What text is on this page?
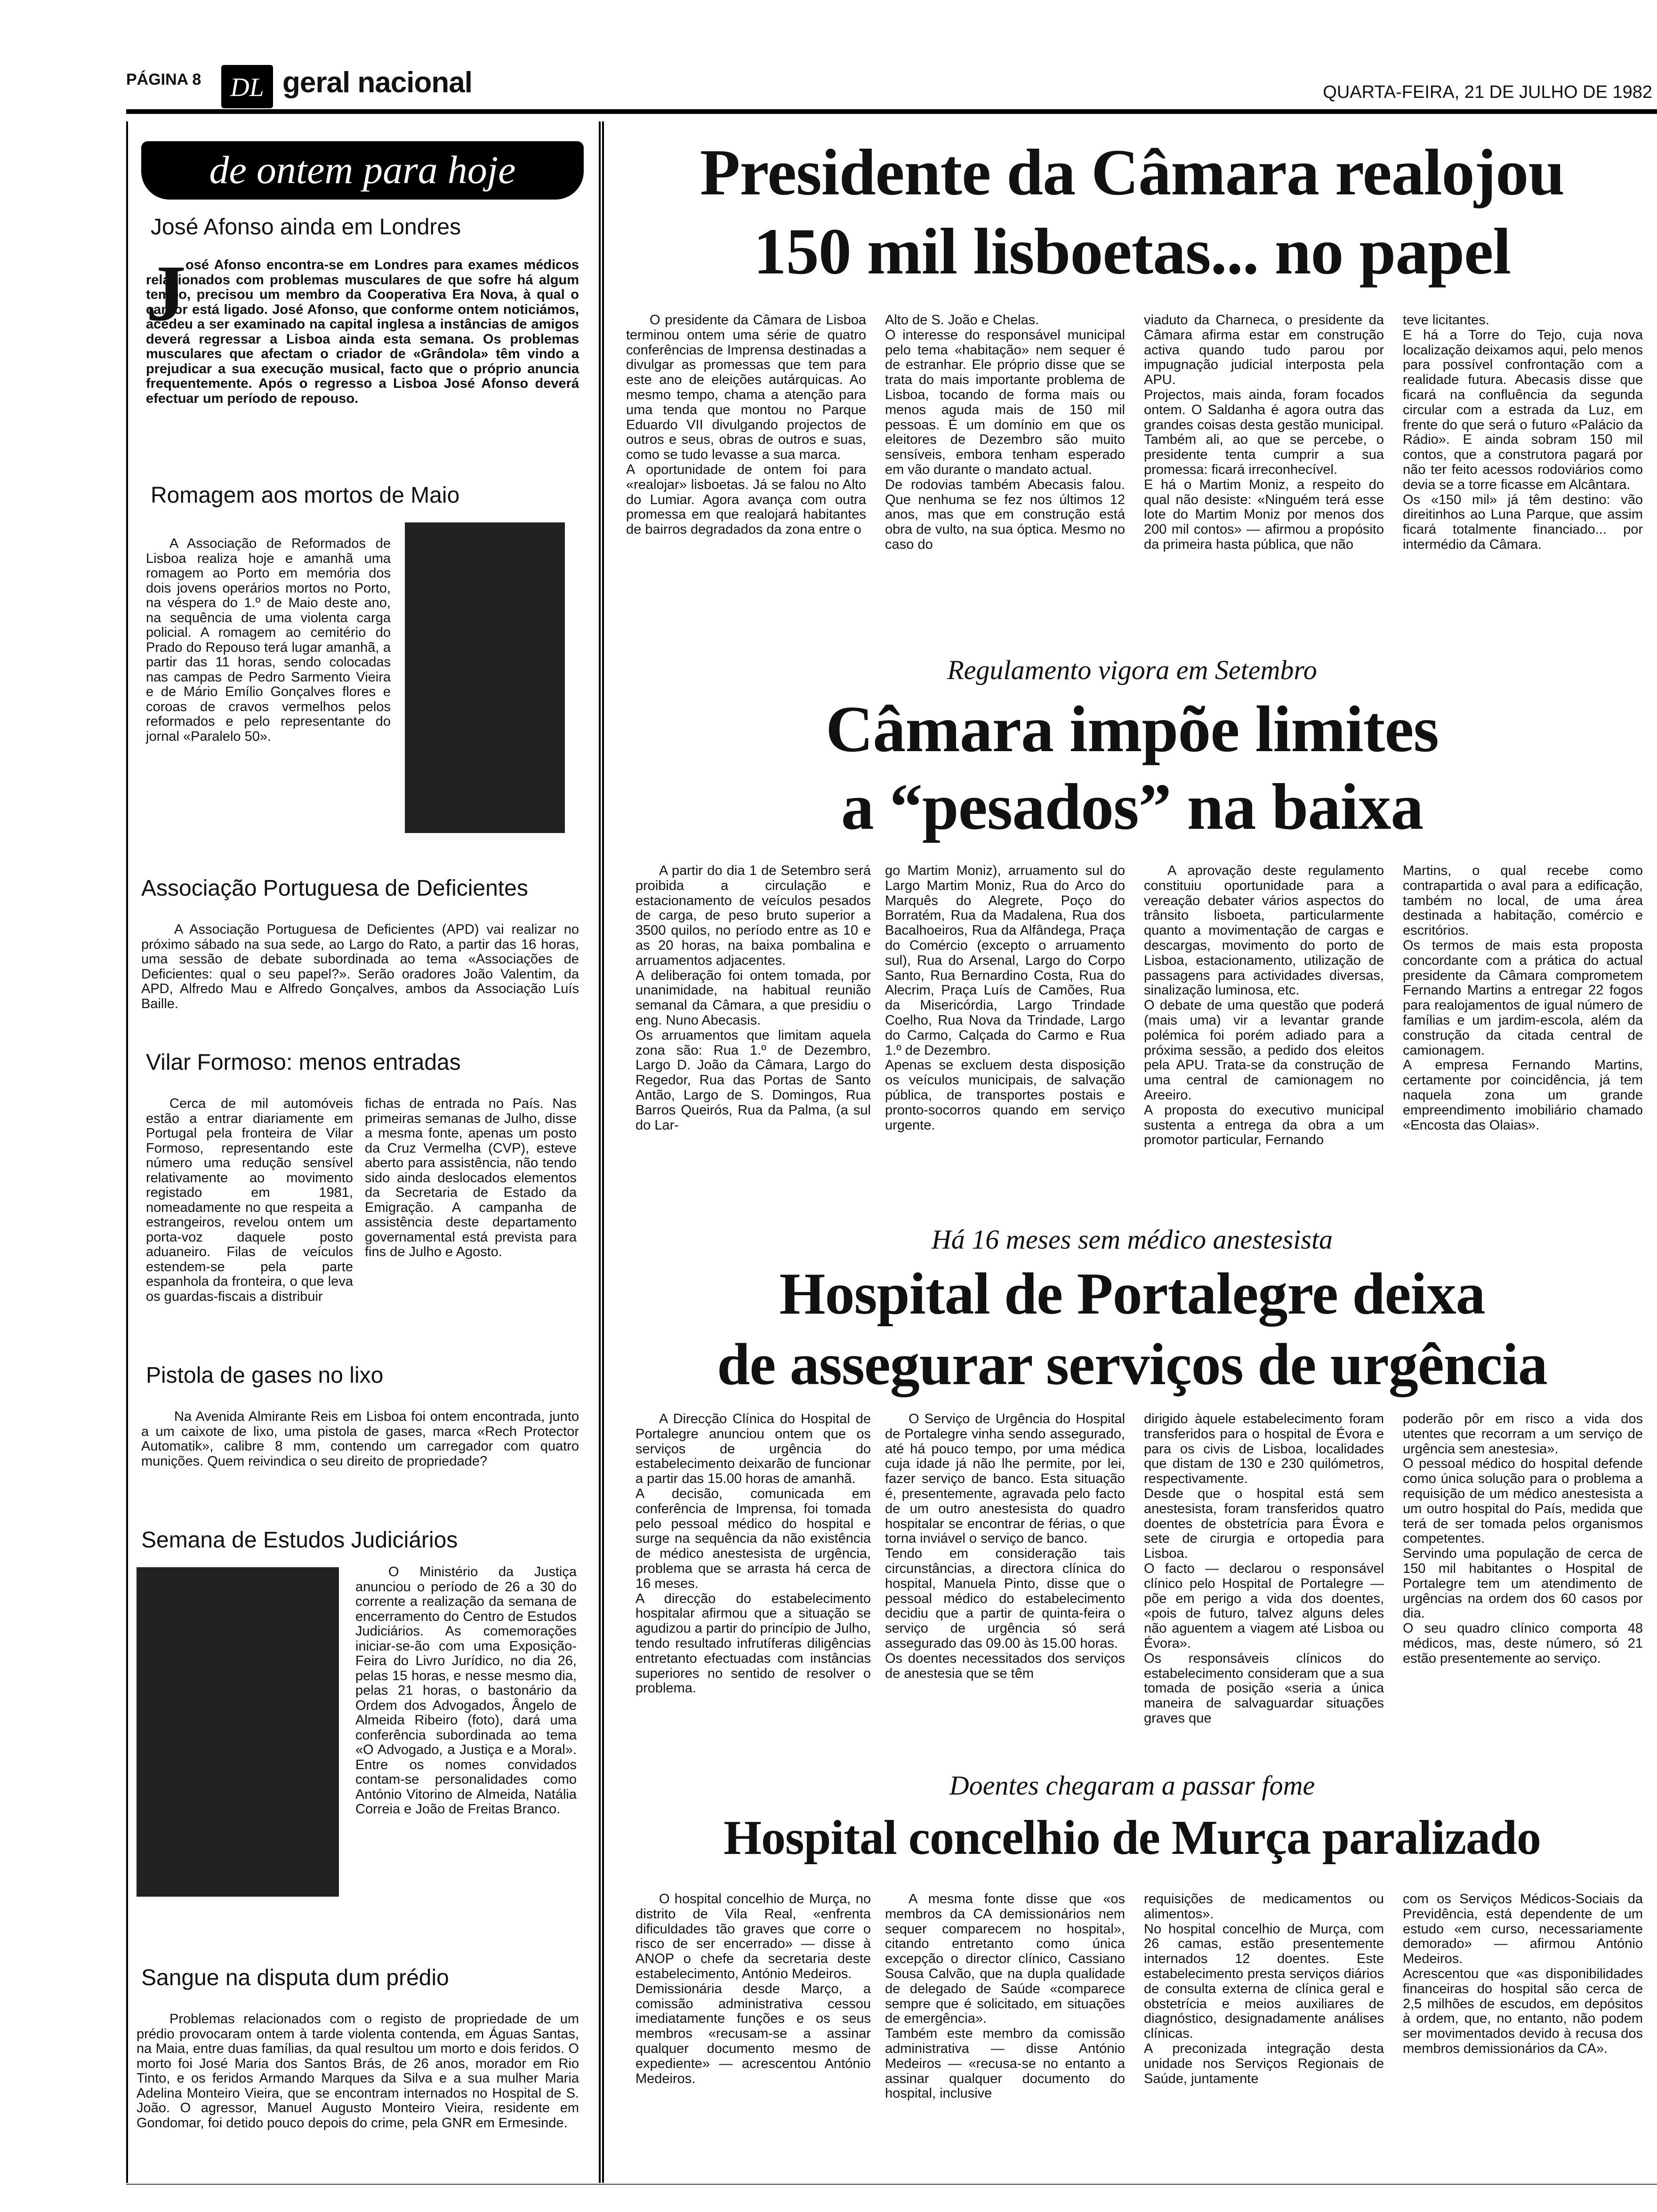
PÁGINA 8	DL geral nacional	QUARTA-FEIRA, 21 DE JULHO DE 1982
de ontem para hoje
José Afonso ainda em Londres
J osé Afonso encontra-se em Londres para exames médicos relacionados com problemas musculares de que sofre há algum tempo, precisou um membro da Cooperativa Era Nova, à qual o cantor está ligado. José Afonso, que conforme ontem noticiámos, acedeu a ser examinado na capital inglesa a instâncias de amigos deverá regressar a Lisboa ainda esta semana. Os problemas musculares que afectam o criador de «Grândola» têm vindo a prejudicar a sua execução musical, facto que o próprio anuncia frequentemente. Após o regresso a Lisboa José Afonso deverá efectuar um período de repouso.
Romagem aos mortos de Maio
A Associação de Reformados de Lisboa realiza hoje e amanhã uma romagem ao Porto em memória dos dois jovens operários mortos no Porto, na véspera do 1.º de Maio deste ano, na sequência de uma violenta carga policial. A romagem ao cemitério do Prado do Repouso terá lugar amanhã, a partir das 11 horas, sendo colocadas nas campas de Pedro Sarmento Vieira e de Mário Emílio Gonçalves flores e coroas de cravos vermelhos pelos reformados e pelo representante do jornal «Paralelo 50».
Associação Portuguesa de Deficientes
A Associação Portuguesa de Deficientes (APD) vai realizar no próximo sábado na sua sede, ao Largo do Rato, a partir das 16 horas, uma sessão de debate subordinada ao tema «Associações de Deficientes: qual o seu papel?». Serão oradores João Valentim, da APD, Alfredo Mau e Alfredo Gonçalves, ambos da Associação Luís Baille.
Vilar Formoso: menos entradas
Cerca de mil automóveis estão a entrar diariamente em Portugal pela fronteira de Vilar Formoso, representando este número uma redução sensível relativamente ao movimento registado em 1981, nomeadamente no que respeita a estrangeiros, revelou ontem um porta-voz daquele posto aduaneiro. Filas de veículos estendem-se pela parte espanhola da fronteira, o que leva os guardas-fiscais a distribuir
fichas de entrada no País. Nas primeiras semanas de Julho, disse a mesma fonte, apenas um posto da Cruz Vermelha (CVP), esteve aberto para assistência, não tendo sido ainda deslocados elementos da Secretaria de Estado da Emigração. A campanha de assistência deste departamento governamental está prevista para fins de Julho e Agosto.
Pistola de gases no lixo
Na Avenida Almirante Reis em Lisboa foi ontem encontrada, junto a um caixote de lixo, uma pistola de gases, marca «Rech Protector Automatik», calibre 8 mm, contendo um carregador com quatro munições. Quem reivindica o seu direito de propriedade?
Semana de Estudos Judiciários
O Ministério da Justiça anunciou o período de 26 a 30 do corrente a realização da semana de encerramento do Centro de Estudos Judiciários. As comemorações iniciar-se-ão com uma Exposição-Feira do Livro Jurídico, no dia 26, pelas 15 horas, e nesse mesmo dia, pelas 21 horas, o bastonário da Ordem dos Advogados, Ângelo de Almeida Ribeiro (foto), dará uma conferência subordinada ao tema «O Advogado, a Justiça e a Moral». Entre os nomes convidados contam-se personalidades como António Vitorino de Almeida, Natália Correia e João de Freitas Branco.
Sangue na disputa dum prédio
Problemas relacionados com o registo de propriedade de um prédio provocaram ontem à tarde violenta contenda, em Águas Santas, na Maia, entre duas famílias, da qual resultou um morto e dois feridos. O morto foi José Maria dos Santos Brás, de 26 anos, morador em Rio Tinto, e os feridos Armando Marques da Silva e a sua mulher Maria Adelina Monteiro Vieira, que se encontram internados no Hospital de S. João. O agressor, Manuel Augusto Monteiro Vieira, residente em Gondomar, foi detido pouco depois do crime, pela GNR em Ermesinde.
Presidente da Câmara realojou
150 mil lisboetas... no papel
O presidente da Câmara de Lisboa terminou ontem uma série de quatro conferências de Imprensa destinadas a divulgar as promessas que tem para este ano de eleições autárquicas. Ao mesmo tempo, chama a atenção para uma tenda que montou no Parque Eduardo VII divulgando projectos de outros e seus, obras de outros e suas, como se tudo levasse a sua marca.
A oportunidade de ontem foi para «realojar» lisboetas. Já se falou no Alto do Lumiar. Agora avança com outra promessa em que realojará habitantes de bairros degradados da zona entre o
Alto de S. João e Chelas.
O interesse do responsável municipal pelo tema «habitação» nem sequer é de estranhar. Ele próprio disse que se trata do mais importante problema de Lisboa, tocando de forma mais ou menos aguda mais de 150 mil pessoas. É um domínio em que os eleitores de Dezembro são muito sensíveis, embora tenham esperado em vão durante o mandato actual.
De rodovias também Abecasis falou. Que nenhuma se fez nos últimos 12 anos, mas que em construção está obra de vulto, na sua óptica. Mesmo no caso do
viaduto da Charneca, o presidente da Câmara afirma estar em construção activa quando tudo parou por impugnação judicial interposta pela APU.
Projectos, mais ainda, foram focados ontem. O Saldanha é agora outra das grandes coisas desta gestão municipal. Também ali, ao que se percebe, o presidente tenta cumprir a sua promessa: ficará irreconhecível.
E há o Martim Moniz, a respeito do qual não desiste: «Ninguém terá esse lote do Martim Moniz por menos dos 200 mil contos» — afirmou a propósito da primeira hasta pública, que não
teve licitantes.
E há a Torre do Tejo, cuja nova localização deixamos aqui, pelo menos para possível confrontação com a realidade futura. Abecasis disse que ficará na confluência da segunda circular com a estrada da Luz, em frente do que será o futuro «Palácio da Rádio». E ainda sobram 150 mil contos, que a construtora pagará por não ter feito acessos rodoviários como devia se a torre ficasse em Alcântara.
Os «150 mil» já têm destino: vão direitinhos ao Luna Parque, que assim ficará totalmente financiado... por intermédio da Câmara.
Regulamento vigora em Setembro
Câmara impõe limites
a “pesados” na baixa
A partir do dia 1 de Setembro será proibida a circulação e estacionamento de veículos pesados de carga, de peso bruto superior a 3500 quilos, no período entre as 10 e as 20 horas, na baixa pombalina e arruamentos adjacentes.
A deliberação foi ontem tomada, por unanimidade, na habitual reunião semanal da Câmara, a que presidiu o eng. Nuno Abecasis.
Os arruamentos que limitam aquela zona são: Rua 1.º de Dezembro, Largo D. João da Câmara, Largo do Regedor, Rua das Portas de Santo Antão, Largo de S. Domingos, Rua Barros Queirós, Rua da Palma, (a sul do Lar-
go Martim Moniz), arruamento sul do Largo Martim Moniz, Rua do Arco do Marquês do Alegrete, Poço do Borratém, Rua da Madalena, Rua dos Bacalhoeiros, Rua da Alfândega, Praça do Comércio (excepto o arruamento sul), Rua do Arsenal, Largo do Corpo Santo, Rua Bernardino Costa, Rua do Alecrim, Praça Luís de Camões, Rua da Misericórdia, Largo Trindade Coelho, Rua Nova da Trindade, Largo do Carmo, Calçada do Carmo e Rua 1.º de Dezembro.
Apenas se excluem desta disposição os veículos municipais, de salvação pública, de transportes postais e pronto-socorros quando em serviço urgente.
A aprovação deste regulamento constituiu oportunidade para a vereação debater vários aspectos do trânsito lisboeta, particularmente quanto a movimentação de cargas e descargas, movimento do porto de Lisboa, estacionamento, utilização de passagens para actividades diversas, sinalização luminosa, etc.
O debate de uma questão que poderá (mais uma) vir a levantar grande polémica foi porém adiado para a próxima sessão, a pedido dos eleitos pela APU. Trata-se da construção de uma central de camionagem no Areeiro.
A proposta do executivo municipal sustenta a entrega da obra a um promotor particular, Fernando
Martins, o qual recebe como contrapartida o aval para a edificação, também no local, de uma área destinada a habitação, comércio e escritórios.
Os termos de mais esta proposta concordante com a prática do actual presidente da Câmara comprometem Fernando Martins a entregar 22 fogos para realojamentos de igual número de famílias e um jardim-escola, além da construção da citada central de camionagem.
A empresa Fernando Martins, certamente por coincidência, já tem naquela zona um grande empreendimento imobiliário chamado «Encosta das Olaias».
Há 16 meses sem médico anestesista
Hospital de Portalegre deixa
de assegurar serviços de urgência
A Direcção Clínica do Hospital de Portalegre anunciou ontem que os serviços de urgência do estabelecimento deixarão de funcionar a partir das 15.00 horas de amanhã.
A decisão, comunicada em conferência de Imprensa, foi tomada pelo pessoal médico do hospital e surge na sequência da não existência de médico anestesista de urgência, problema que se arrasta há cerca de 16 meses.
A direcção do estabelecimento hospitalar afirmou que a situação se agudizou a partir do princípio de Julho, tendo resultado infrutíferas diligências entretanto efectuadas com instâncias superiores no sentido de resolver o problema.
O Serviço de Urgência do Hospital de Portalegre vinha sendo assegurado, até há pouco tempo, por uma médica cuja idade já não lhe permite, por lei, fazer serviço de banco. Esta situação é, presentemente, agravada pelo facto de um outro anestesista do quadro hospitalar se encontrar de férias, o que torna inviável o serviço de banco.
Tendo em consideração tais circunstâncias, a directora clínica do hospital, Manuela Pinto, disse que o pessoal médico do estabelecimento decidiu que a partir de quinta-feira o serviço de urgência só será assegurado das 09.00 às 15.00 horas.
Os doentes necessitados dos serviços de anestesia que se têm
dirigido àquele estabelecimento foram transferidos para o hospital de Évora e para os civis de Lisboa, localidades que distam de 130 e 230 quilómetros, respectivamente.
Desde que o hospital está sem anestesista, foram transferidos quatro doentes de obstetrícia para Évora e sete de cirurgia e ortopedia para Lisboa.
O facto — declarou o responsável clínico pelo Hospital de Portalegre — põe em perigo a vida dos doentes, «pois de futuro, talvez alguns deles não aguentem a viagem até Lisboa ou Évora».
Os responsáveis clínicos do estabelecimento consideram que a sua tomada de posição «seria a única maneira de salvaguardar situações graves que
poderão pôr em risco a vida dos utentes que recorram a um serviço de urgência sem anestesia».
O pessoal médico do hospital defende como única solução para o problema a requisição de um médico anestesista a um outro hospital do País, medida que terá de ser tomada pelos organismos competentes.
Servindo uma população de cerca de 150 mil habitantes o Hospital de Portalegre tem um atendimento de urgências na ordem dos 60 casos por dia.
O seu quadro clínico comporta 48 médicos, mas, deste número, só 21 estão presentemente ao serviço.
Doentes chegaram a passar fome
Hospital concelhio de Murça paralizado
O hospital concelhio de Murça, no distrito de Vila Real, «enfrenta dificuldades tão graves que corre o risco de ser encerrado» — disse à ANOP o chefe da secretaria deste estabelecimento, António Medeiros.
Demissionária desde Março, a comissão administrativa cessou imediatamente funções e os seus membros «recusam-se a assinar qualquer documento mesmo de expediente» — acrescentou António Medeiros.
A mesma fonte disse que «os membros da CA demissionários nem sequer comparecem no hospital», citando entretanto como única excepção o director clínico, Cassiano Sousa Calvão, que na dupla qualidade de delegado de Saúde «comparece sempre que é solicitado, em situações de emergência».
Também este membro da comissão administrativa — disse António Medeiros — «recusa-se no entanto a assinar qualquer documento do hospital, inclusive
requisições de medicamentos ou alimentos».
No hospital concelhio de Murça, com 26 camas, estão presentemente internados 12 doentes. Este estabelecimento presta serviços diários de consulta externa de clínica geral e obstetrícia e meios auxiliares de diagnóstico, designadamente análises clínicas.
A preconizada integração desta unidade nos Serviços Regionais de Saúde, juntamente
com os Serviços Médicos-Sociais da Previdência, está dependente de um estudo «em curso, necessariamente demorado» — afirmou António Medeiros.
Acrescentou que «as disponibilidades financeiras do hospital são cerca de 2,5 milhões de escudos, em depósitos à ordem, que, no entanto, não podem ser movimentados devido à recusa dos membros demissionários da CA».
